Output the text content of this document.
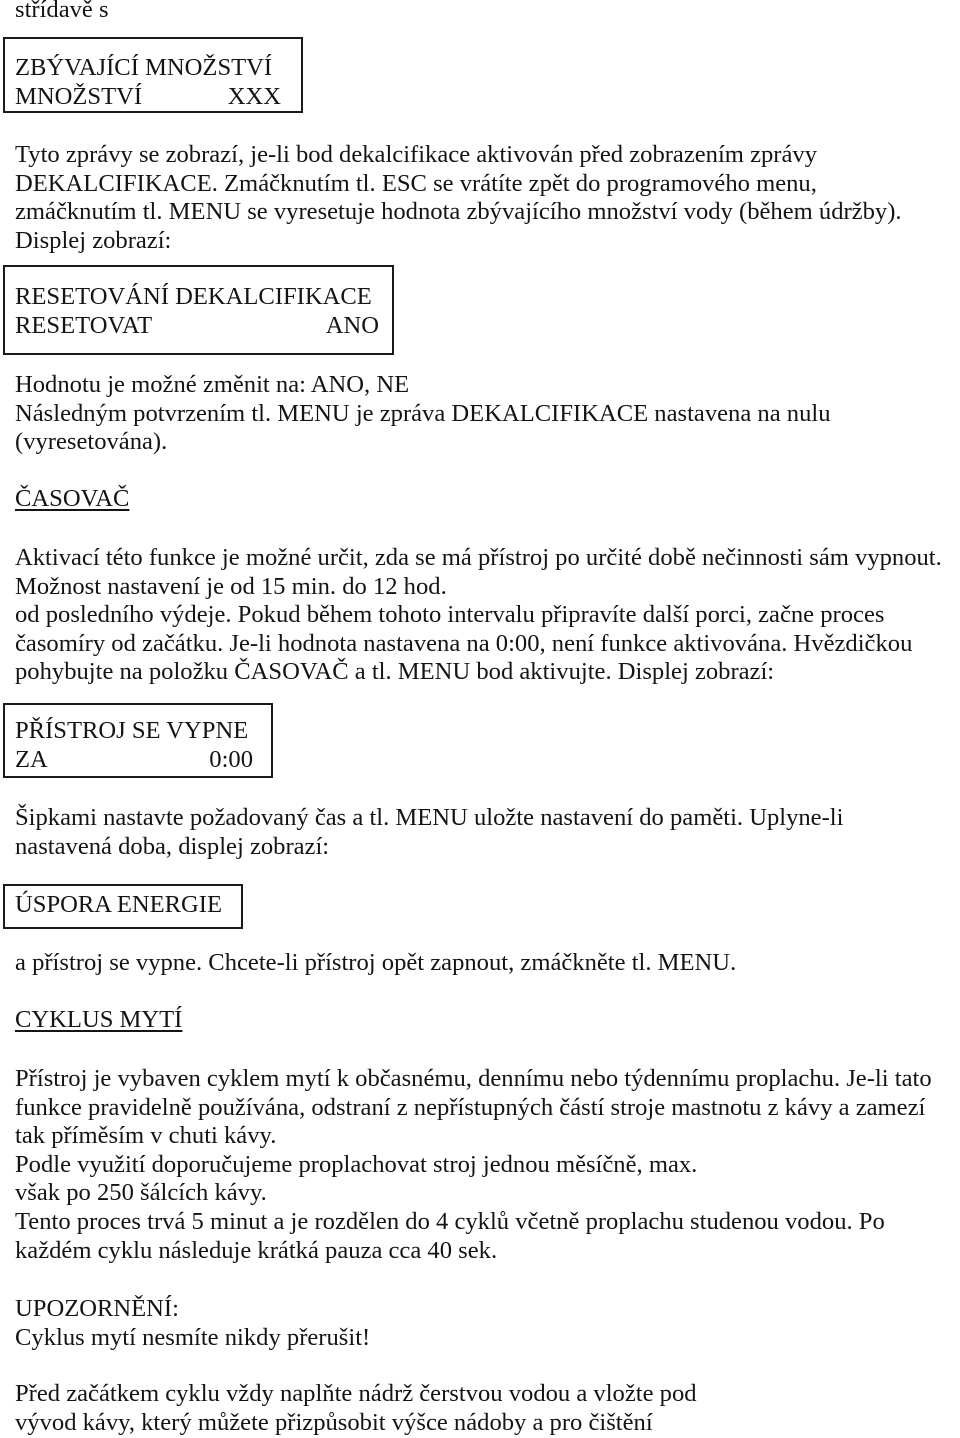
střídavě s
ZBÝVAJÍCÍ MNOŽSTVÍ
MNOŽSTVÍ	XXX
Tyto zprávy se zobrazí, je-li bod dekalcifikace aktivován před zobrazením zprávy
DEKALCIFIKACE. Zmáčknutím tl. ESC se vrátíte zpět do programového menu,
zmáčknutím tl. MENU se vyresetuje hodnota zbývajícího množství vody (během údržby).
Displej zobrazí:
RESETOVÁNÍ DEKALCIFIKACE
RESETOVAT	ANO
Hodnotu je možné změnit na: ANO, NE
Následným potvrzením tl. MENU je zpráva DEKALCIFIKACE nastavena na nulu
(vyresetována).
ČASOVAČ
Aktivací této funkce je možné určit, zda se má přístroj po určité době nečinnosti sám vypnout.
Možnost nastavení je od 15 min. do 12 hod.
od posledního výdeje. Pokud během tohoto intervalu připravíte další porci, začne proces
časomíry od začátku. Je-li hodnota nastavena na 0:00, není funkce aktivována. Hvězdičkou
pohybujte na položku ČASOVAČ a tl. MENU bod aktivujte. Displej zobrazí:
PŘÍSTROJ SE VYPNE
ZA	0:00
Šipkami nastavte požadovaný čas a tl. MENU uložte nastavení do paměti. Uplyne-li
nastavená doba, displej zobrazí:
ÚSPORA ENERGIE
a přístroj se vypne. Chcete-li přístroj opět zapnout, zmáčkněte tl. MENU.
CYKLUS MYTÍ
Přístroj je vybaven cyklem mytí k občasnému, dennímu nebo týdennímu proplachu. Je-li tato
funkce pravidelně používána, odstraní z nepřístupných částí stroje mastnotu z kávy a zamezí
tak příměsím v chuti kávy.
Podle využití doporučujeme proplachovat stroj jednou měsíčně, max.
však po 250 šálcích kávy.
Tento proces trvá 5 minut a je rozdělen do 4 cyklů včetně proplachu studenou vodou. Po
každém cyklu následuje krátká pauza cca 40 sek.
UPOZORNĚNÍ:
Cyklus mytí nesmíte nikdy přerušit!
Před začátkem cyklu vždy naplňte nádrž čerstvou vodou a vložte pod
vývod kávy, který můžete přizpůsobit výšce nádoby a pro čištění
